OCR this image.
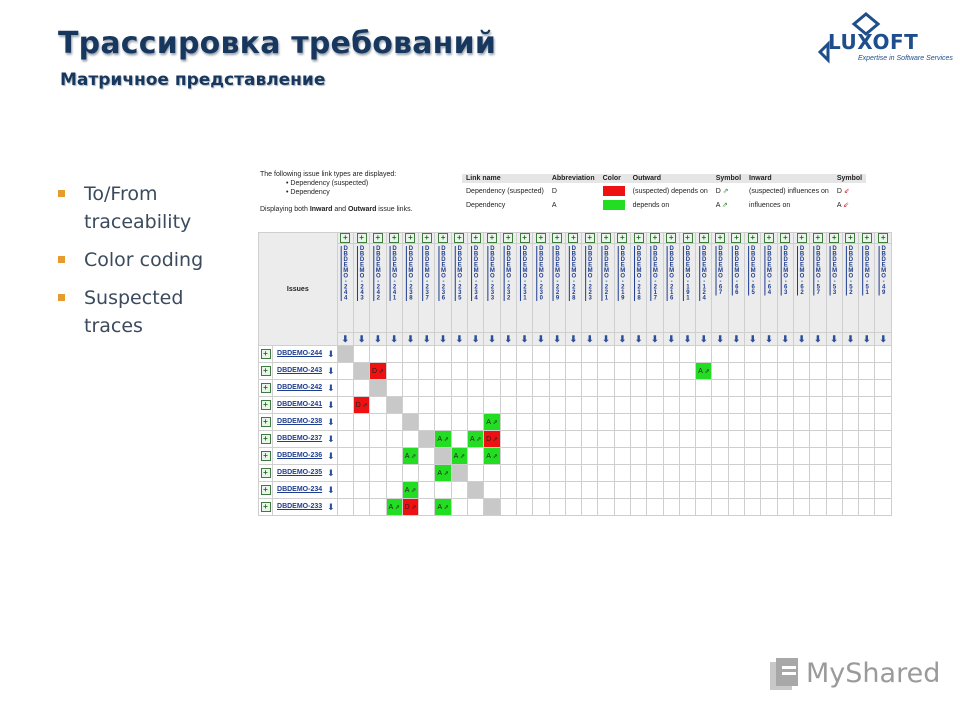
Трассировка требований
Матричное представление
LUXOFT
Expertise in Software Services
To/From traceability
Color coding
Suspected traces
The following issue link types are displayed:
• Dependency (suspected)
• Dependency
Displaying both Inward and Outward issue links.
Link name	Abbreviation	Color	Outward	Symbol	Inward	Symbol
Dependency (suspected)	D		(suspected) depends on	D ⇗	(suspected) influences on	D ⇙
Dependency	A		depends on	A ⇗	influences on	A ⇙
Issues		+	+	+	+	+	+	+	+	+	+	+	+	+	+	+	+	+	+	+	+	+	+	+	+	+	+	+	+	+	+	+	+	+	+
		DBDEMO-244	DBDEMO-243	DBDEMO-242	DBDEMO-241	DBDEMO-238	DBDEMO-237	DBDEMO-236	DBDEMO-235	DBDEMO-234	DBDEMO-233	DBDEMO-232	DBDEMO-231	DBDEMO-230	DBDEMO-229	DBDEMO-228	DBDEMO-223	DBDEMO-221	DBDEMO-219	DBDEMO-218	DBDEMO-217	DBDEMO-216	DBDEMO-191	DBDEMO-124	DBDEMO-67	DBDEMO-66	DBDEMO-65	DBDEMO-64	DBDEMO-63	DBDEMO-62	DBDEMO-57	DBDEMO-53	DBDEMO-52	DBDEMO-51	DBDEMO-49
		⬇	⬇	⬇	⬇	⬇	⬇	⬇	⬇	⬇	⬇	⬇	⬇	⬇	⬇	⬇	⬇	⬇	⬇	⬇	⬇	⬇	⬇	⬇	⬇	⬇	⬇	⬇	⬇	⬇	⬇	⬇	⬇	⬇	⬇
+	DBDEMO-244 ⬇																																		

+	DBDEMO-243 ⬇			D ⇗																				A ⇗											
+	DBDEMO-242 ⬇																																		

+	DBDEMO-241 ⬇		D ⇗																																
+	DBDEMO-238 ⬇										A ⇗																								
+	DBDEMO-237 ⬇							A ⇗		A ⇗	D ⇗																								
+	DBDEMO-236 ⬇					A ⇗			A ⇗		A ⇗																								
+	DBDEMO-235 ⬇							A ⇗																											
+	DBDEMO-234 ⬇					A ⇗																													
+	DBDEMO-233 ⬇				A ⇗	D ⇗		A ⇗																											
MyShared
